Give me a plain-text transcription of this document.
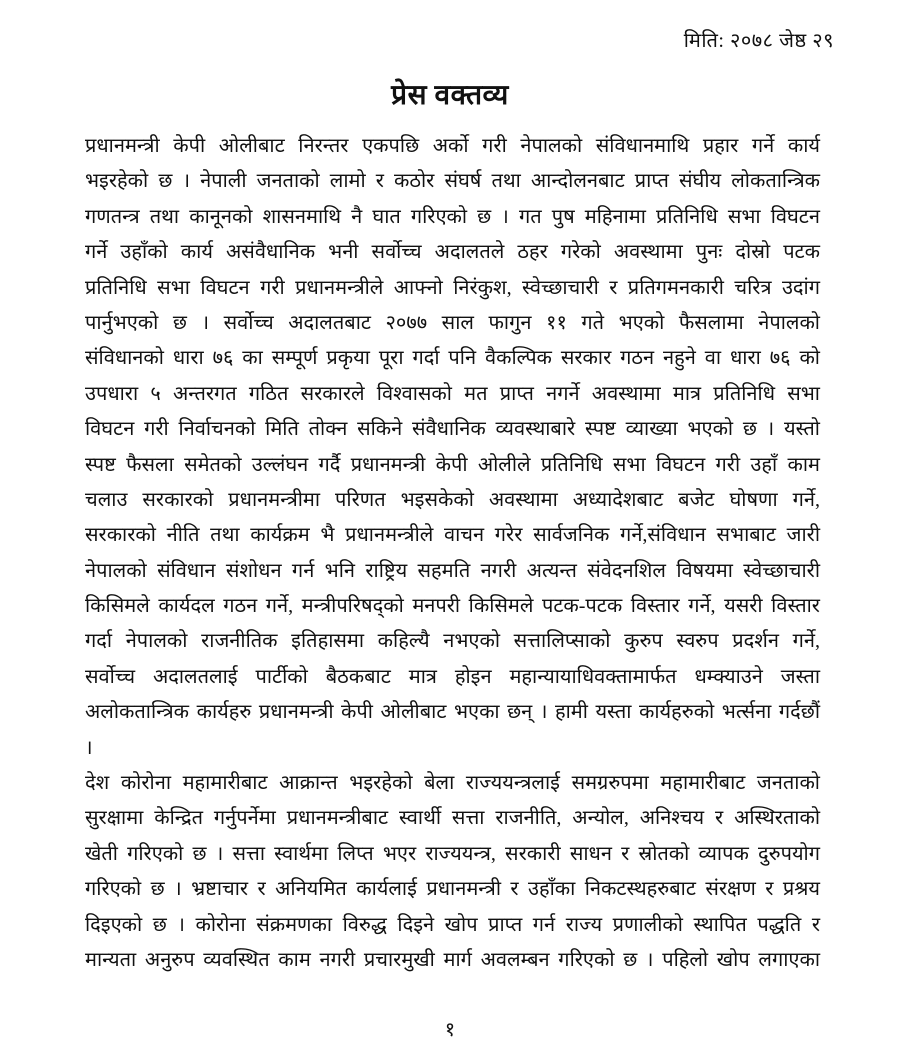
मिति: २०७८ जेष्ठ २९
प्रेस वक्तव्य
प्रधानमन्त्री केपी ओलीबाट निरन्तर एकपछि अर्को गरी नेपालको संविधानमाथि प्रहार गर्ने कार्य
भइरहेको छ । नेपाली जनताको लामो र कठोर संघर्ष तथा आन्दोलनबाट प्राप्त संघीय लोकतान्त्रिक
गणतन्त्र तथा कानूनको शासनमाथि नै घात गरिएको छ । गत पुष महिनामा प्रतिनिधि सभा विघटन
गर्ने उहाँको कार्य असंवैधानिक भनी सर्वोच्च अदालतले ठहर गरेको अवस्थामा पुनः दोस्रो पटक
प्रतिनिधि सभा विघटन गरी प्रधानमन्त्रीले आफ्नो निरंकुश, स्वेच्छाचारी र प्रतिगमनकारी चरित्र उदांग
पार्नुभएको छ । सर्वोच्च अदालतबाट २०७७ साल फागुन ११ गते भएको फैसलामा नेपालको
संविधानको धारा ७६ का सम्पूर्ण प्रकृया पूरा गर्दा पनि वैकल्पिक सरकार गठन नहुने वा धारा ७६ को
उपधारा ५ अन्तरगत गठित सरकारले विश्वासको मत प्राप्त नगर्ने अवस्थामा मात्र प्रतिनिधि सभा
विघटन गरी निर्वाचनको मिति तोक्न सकिने संवैधानिक व्यवस्थाबारे स्पष्ट व्याख्या भएको छ । यस्तो
स्पष्ट फैसला समेतको उल्लंघन गर्दै प्रधानमन्त्री केपी ओलीले प्रतिनिधि सभा विघटन गरी उहाँ काम
चलाउ सरकारको प्रधानमन्त्रीमा परिणत भइसकेको अवस्थामा अध्यादेशबाट बजेट घोषणा गर्ने,
सरकारको नीति तथा कार्यक्रम भै प्रधानमन्त्रीले वाचन गरेर सार्वजनिक गर्ने,संविधान सभाबाट जारी
नेपालको संविधान संशोधन गर्न भनि राष्ट्रिय सहमति नगरी अत्यन्त संवेदनशिल विषयमा स्वेच्छाचारी
किसिमले कार्यदल गठन गर्ने, मन्त्रीपरिषद्को मनपरी किसिमले पटक-पटक विस्तार गर्ने, यसरी विस्तार
गर्दा नेपालको राजनीतिक इतिहासमा कहिल्यै नभएको सत्तालिप्साको कुरुप स्वरुप प्रदर्शन गर्ने,
सर्वोच्च अदालतलाई पार्टीको बैठकबाट मात्र होइन महान्यायाधिवक्तामार्फत धम्क्याउने जस्ता
अलोकतान्त्रिक कार्यहरु प्रधानमन्त्री केपी ओलीबाट भएका छन् । हामी यस्ता कार्यहरुको भर्त्सना गर्दछौं
।
देश कोरोना महामारीबाट आक्रान्त भइरहेको बेला राज्ययन्त्रलाई समग्ररुपमा महामारीबाट जनताको
सुरक्षामा केन्द्रित गर्नुपर्नेमा प्रधानमन्त्रीबाट स्वार्थी सत्ता राजनीति, अन्योल, अनिश्चय र अस्थिरताको
खेती गरिएको छ । सत्ता स्वार्थमा लिप्त भएर राज्ययन्त्र, सरकारी साधन र स्रोतको व्यापक दुरुपयोग
गरिएको छ । भ्रष्टाचार र अनियमित कार्यलाई प्रधानमन्त्री र उहाँका निकटस्थहरुबाट संरक्षण र प्रश्रय
दिइएको छ । कोरोना संक्रमणका विरुद्ध दिइने खोप प्राप्त गर्न राज्य प्रणालीको स्थापित पद्धति र
मान्यता अनुरुप व्यवस्थित काम नगरी प्रचारमुखी मार्ग अवलम्बन गरिएको छ । पहिलो खोप लगाएका
१
